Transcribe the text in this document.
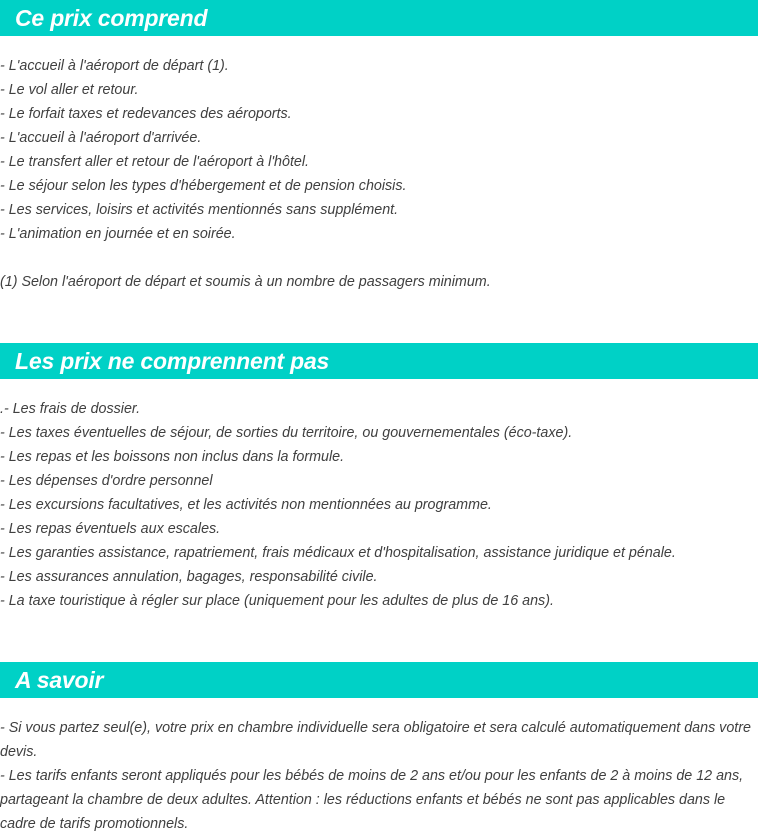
Ce prix comprend
- L'accueil à l'aéroport de départ (1).
- Le vol aller et retour.
- Le forfait taxes et redevances des aéroports.
- L'accueil à l'aéroport d'arrivée.
- Le transfert aller et retour de l'aéroport à l'hôtel.
- Le séjour selon les types d'hébergement et de pension choisis.
- Les services, loisirs et activités mentionnés sans supplément.
- L'animation en journée et en soirée.
(1) Selon l'aéroport de départ et soumis à un nombre de passagers minimum.
Les prix ne comprennent pas
.- Les frais de dossier.
- Les taxes éventuelles de séjour, de sorties du territoire, ou gouvernementales (éco-taxe).
- Les repas et les boissons non inclus dans la formule.
- Les dépenses d'ordre personnel
- Les excursions facultatives, et les activités non mentionnées au programme.
- Les repas éventuels aux escales.
- Les garanties assistance, rapatriement, frais médicaux et d'hospitalisation, assistance juridique et pénale.
- Les assurances annulation, bagages, responsabilité civile.
- La taxe touristique à régler sur place (uniquement pour les adultes de plus de 16 ans).
A savoir

- Si vous partez seul(e), votre prix en chambre individuelle sera obligatoire et sera calculé automatiquement dans votre devis.

- Les tarifs enfants seront appliqués pour les bébés de moins de 2 ans et/ou pour les enfants de 2 à moins de 12 ans, partageant la chambre de deux adultes. Attention : les réductions enfants et bébés ne sont pas applicables dans le cadre de tarifs promotionnels.
